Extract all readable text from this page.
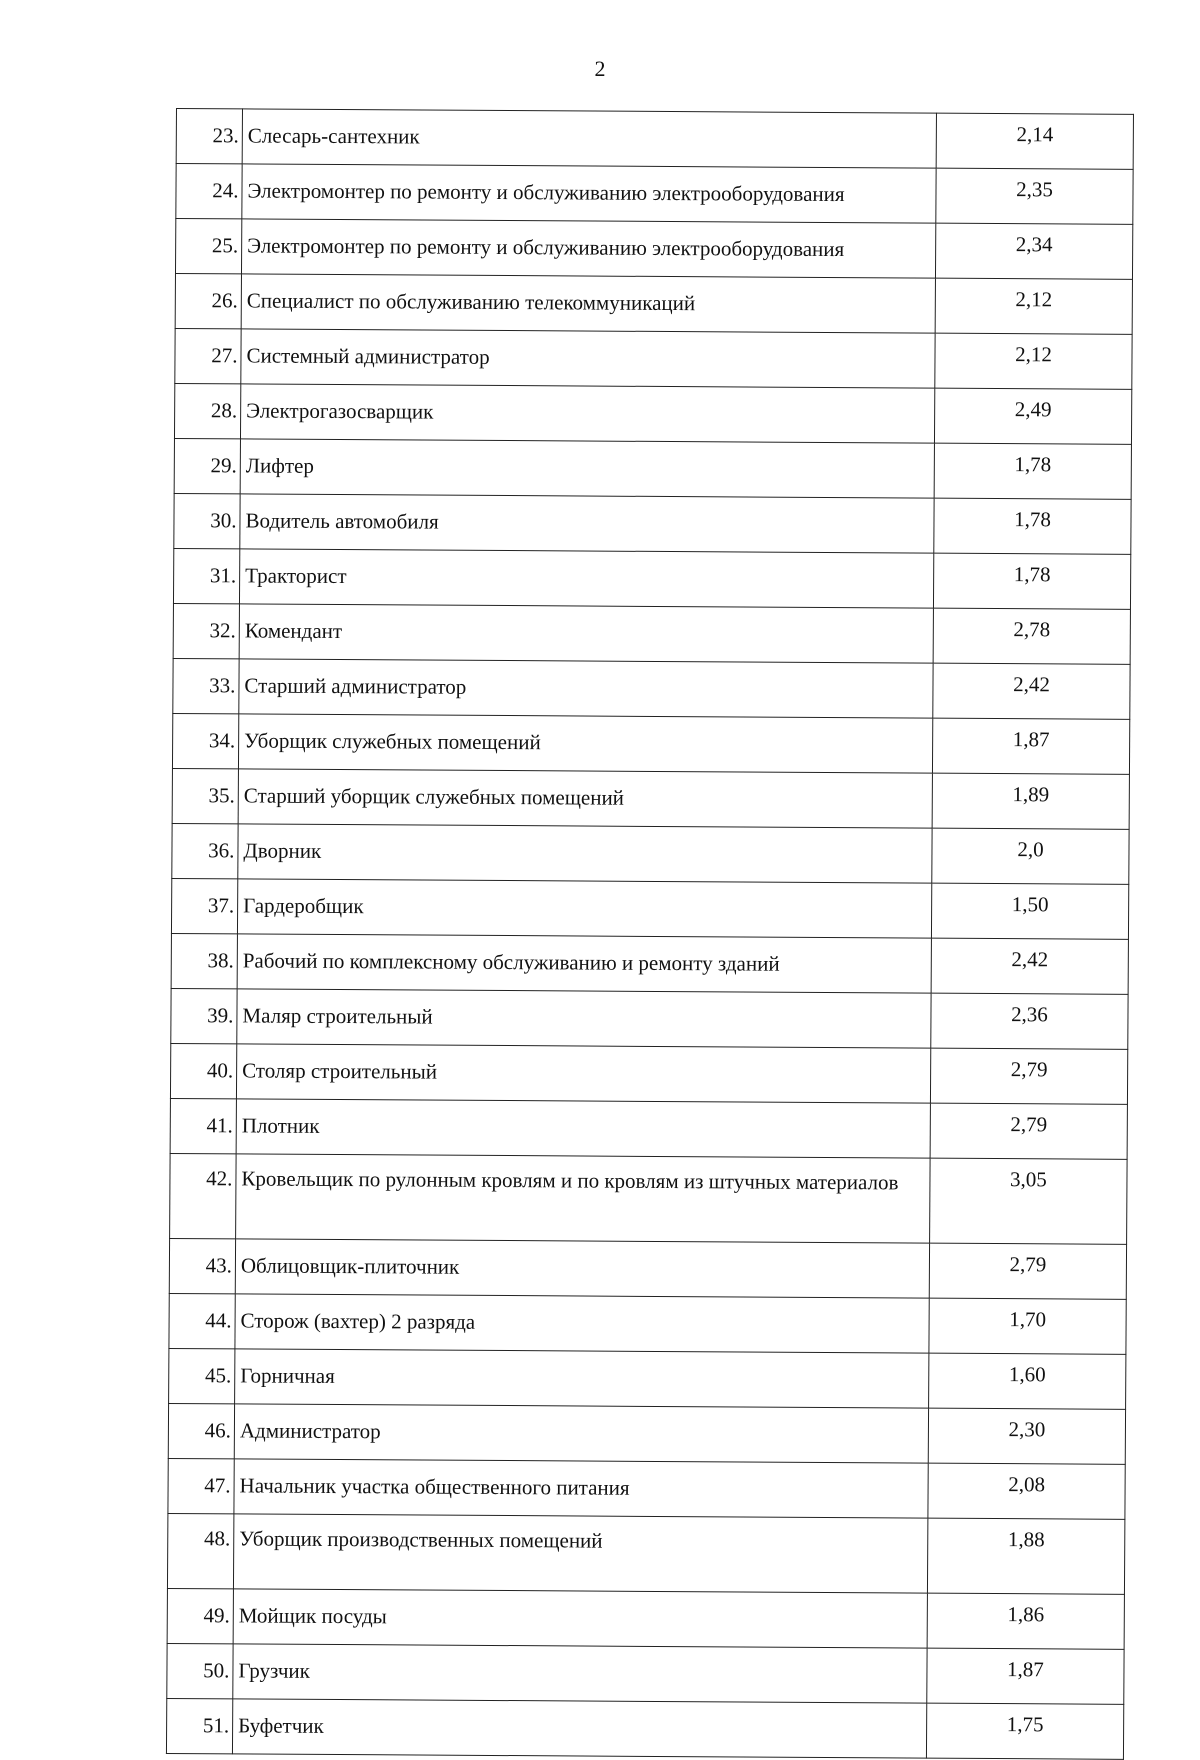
2
23.	Слесарь-сантехник	2,14
24.	Электромонтер по ремонту и обслуживанию электрооборудования	2,35
25.	Электромонтер по ремонту и обслуживанию электрооборудования	2,34
26.	Специалист по обслуживанию телекоммуникаций	2,12
27.	Системный администратор	2,12
28.	Электрогазосварщик	2,49
29.	Лифтер	1,78
30.	Водитель автомобиля	1,78
31.	Тракторист	1,78
32.	Комендант	2,78
33.	Старший администратор	2,42
34.	Уборщик служебных помещений	1,87
35.	Старший уборщик служебных помещений	1,89
36.	Дворник	2,0
37.	Гардеробщик	1,50
38.	Рабочий по комплексному обслуживанию и ремонту зданий	2,42
39.	Маляр строительный	2,36
40.	Столяр строительный	2,79
41.	Плотник	2,79
42.	Кровельщик по рулонным кровлям и по кровлям из штучных материалов	3,05
43.	Облицовщик-плиточник	2,79
44.	Сторож (вахтер) 2 разряда	1,70
45.	Горничная	1,60
46.	Администратор	2,30
47.	Начальник участка общественного питания	2,08
48.	Уборщик производственных помещений	1,88
49.	Мойщик посуды	1,86
50.	Грузчик	1,87
51.	Буфетчик	1,75
